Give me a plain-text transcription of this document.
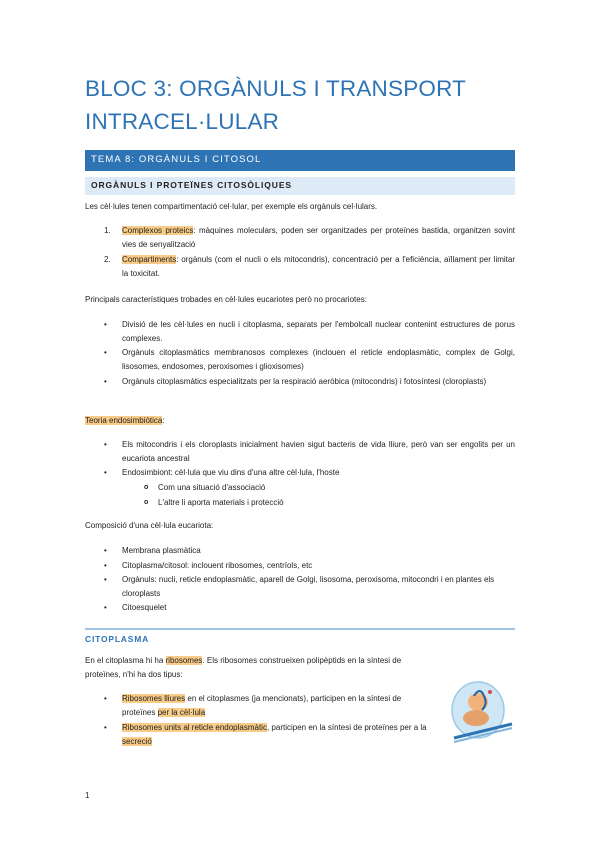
BLOC 3: ORGÀNULS I TRANSPORT INTRACEL·LULAR
TEMA 8: ORGÀNULS I CITOSOL
ORGÀNULS I PROTEÏNES CITOSÒLIQUES
Les cèl·lules tenen compartimentació cel·lular, per exemple els orgànuls cel·lulars.
1. Complexos proteics: màquines moleculars, poden ser organitzades per proteïnes bastida, organitzen sovint vies de senyalització
2. Compartiments: orgànuls (com el nucli o els mitocondris), concentració per a l'eficiència, aïllament per limitar la toxicitat.
Principals característiques trobades en cèl·lules eucariotes però no procariotes:
• Divisió de les cèl·lules en nucli i citoplasma, separats per l'embolcall nuclear contenint estructures de porus complexes.
• Orgànuls citoplasmàtics membranosos complexes (inclouen el reticle endoplasmàtic, complex de Golgi, lisosomes, endosomes, peroxisomes i glioxisomes)
• Orgànuls citoplasmàtics especialitzats per la respiració aeròbica (mitocondris) i fotosíntesi (cloroplasts)
Teoria endosimbiòtica:
• Els mitocondris i els cloroplasts inicialment havien sigut bacteris de vida lliure, però van ser engolits per un eucariota ancestral
• Endosimbiont: cèl·lula que viu dins d'una altre cèl·lula, l'hoste
o Com una situació d'associació
o L'altre li aporta materials i protecció
Composició d'una cèl·lula eucariota:
• Membrana plasmàtica
• Citoplasma/citosol: inclouent ribosomes, centríols, etc
• Orgànuls: nucli, reticle endoplasmàtic, aparell de Golgi, lisosoma, peroxisoma, mitocondri i en plantes els cloroplasts
• Citoesquelet
CITOPLASMA
En el citoplasma hi ha ribosomes. Els ribosomes construeixen polipèptids en la síntesi de proteïnes, n'hi ha dos tipus:
• Ribosomes lliures en el citoplasmes (ja mencionats), participen en la síntesi de proteïnes per la cèl·lula
• Ribosomes units al reticle endoplasmàtic, participen en la síntesi de proteïnes per a la secreció
1
